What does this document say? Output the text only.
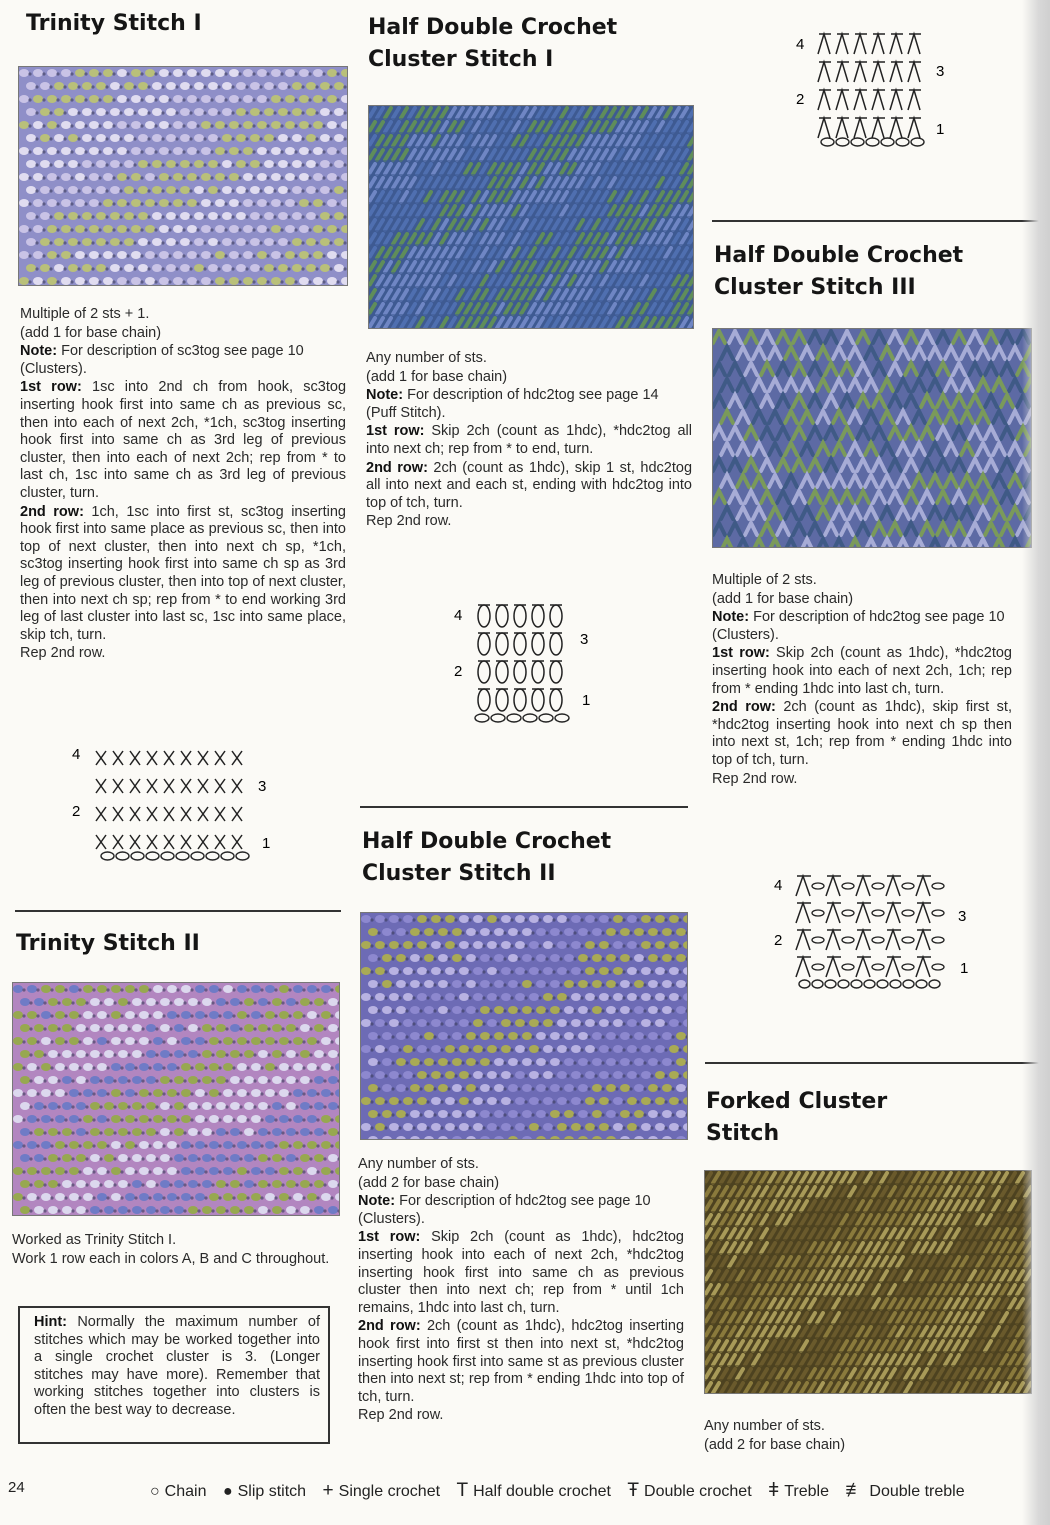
Trinity Stitch I

Multiple of 2 sts + 1.

(add 1 for base chain)

Note: For description of sc3tog see page 10 (Clusters).

1st row: 1sc into 2nd ch from hook, sc3tog inserting hook first into same ch as previous sc, then into each of next 2ch, *1ch, sc3tog inserting hook first into same ch as 3rd leg of previous cluster, then into each of next 2ch; rep from * to last ch, 1sc into same ch as 3rd leg of previous cluster, turn.

2nd row: 1ch, 1sc into first st, sc3tog inserting hook first into same place as previous sc, then into top of next cluster, then into next ch sp, *1ch, sc3tog inserting hook first into same ch sp as 3rd leg of previous cluster, then into top of next cluster, then into next ch sp; rep from * to end working 3rd leg of last cluster into last sc, 1sc into same place, skip tch, turn.

Rep 2nd row.

4
3
2
1
Trinity Stitch II

Worked as Trinity Stitch I.

Work 1 row each in colors A, B and C throughout.

Hint: Normally the maximum number of stitches which may be worked together into a single crochet cluster is 3. (Longer stitches may have more). Remember that working stitches together into clusters is often the best way to decrease.
Half Double Crochet
Cluster Stitch I

Any number of sts.

(add 1 for base chain)

Note: For description of hdc2tog see page 14 (Puff Stitch).

1st row: Skip 2ch (count as 1hdc), *hdc2tog all into next ch; rep from * to end, turn.

2nd row: 2ch (count as 1hdc), skip 1 st, hdc2tog all into next and each st, ending with hdc2tog into top of tch, turn.

Rep 2nd row.

4
3
2
1
Half Double Crochet
Cluster Stitch II

Any number of sts.

(add 2 for base chain)

Note: For description of hdc2tog see page 10 (Clusters).

1st row: Skip 2ch (count as 1hdc), hdc2tog inserting hook into each of next 2ch, *hdc2tog inserting hook first into same ch as previous cluster then into next ch; rep from * until 1ch remains, 1hdc into last ch, turn.

2nd row: 2ch (count as 1hdc), hdc2tog inserting hook first into first st then into next st, *hdc2tog inserting hook first into same st as previous cluster then into next st; rep from * ending 1hdc into top of tch, turn.

Rep 2nd row.

4
3
2
1
Half Double Crochet
Cluster Stitch III

Multiple of 2 sts.

(add 1 for base chain)

Note: For description of hdc2tog see page 10 (Clusters).

1st row: Skip 2ch (count as 1hdc), *hdc2tog inserting hook into each of next 2ch, 1ch; rep from * ending 1hdc into last ch, turn.

2nd row: 2ch (count as 1hdc), skip first st, *hdc2tog inserting hook into next ch sp then into next st, 1ch; rep from * ending 1hdc into top of tch, turn.

Rep 2nd row.

4
3
2
1
Forked Cluster
Stitch

Any number of sts.

(add 2 for base chain)

24	○ Chain ● Slip stitch + Single crochet T Half double crochet Ŧ Double crochet ǂ Treble ≢ Double treble
